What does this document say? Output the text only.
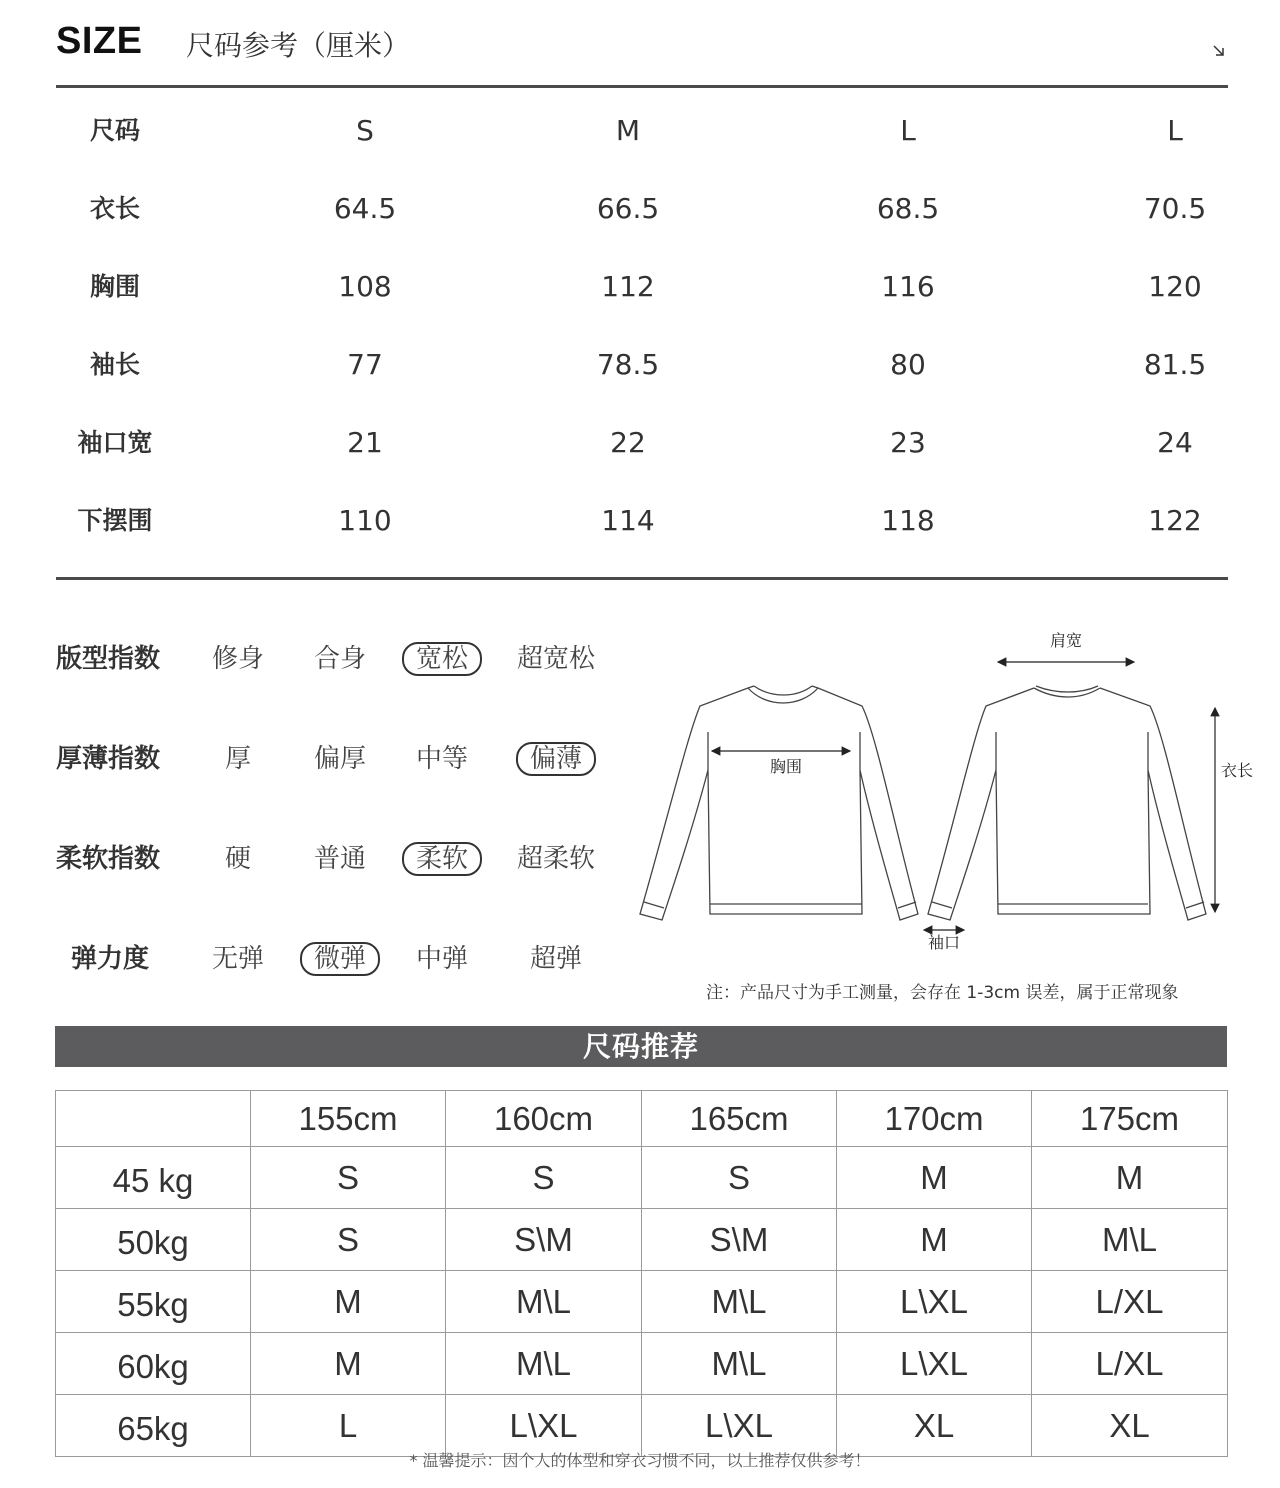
SIZE 尺码参考（厘米）
尺码	S	M	L	L
衣长	64.5	66.5	68.5	70.5
胸围	108	112	116	120
袖长	77	78.5	80	81.5
袖口宽	21	22	23	24
下摆围	110	114	118	122
版型指数 修身 合身	宽松	超宽松
厚薄指数 厚 偏厚 中等	偏薄
柔软指数 硬 普通	柔软	超柔软
弹力度 无弹	微弹	中弹 超弹
胸围
肩宽
衣长
袖口
注：产品尺寸为手工测量，会存在 1-3cm 误差，属于正常现象
尺码推荐
	155cm	160cm	165cm	170cm	175cm
45 kg	S	S	S	M	M
50kg	S	S\M	S\M	M	M\L
55kg	M	M\L	M\L	L\XL	L/XL
60kg	M	M\L	M\L	L\XL	L/XL
65kg	L	L\XL	L\XL	XL	XL
* 温馨提示：因个人的体型和穿衣习惯不同，以上推荐仅供参考！
